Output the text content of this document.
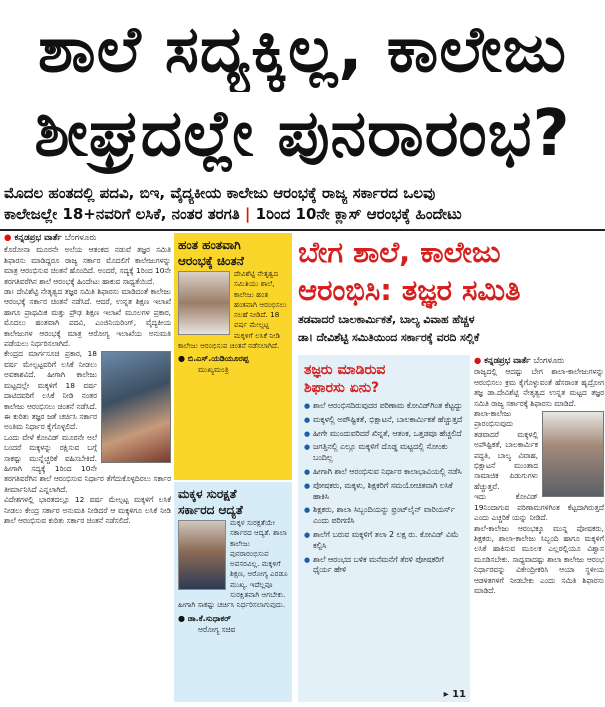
ಶಾಲೆ ಸದ್ಯಕ್ಕಿಲ್ಲ, ಕಾಲೇಜು
ಶೀಘ್ರದಲ್ಲೇ ಪುನರಾರಂಭ?
ಮೊದಲ ಹಂತದಲ್ಲಿ ಪದವಿ, ಬಿಇ, ವೈದ್ಯಕೀಯ ಕಾಲೇಜು ಆರಂಭಕ್ಕೆ ರಾಜ್ಯ ಸರ್ಕಾರದ ಒಲವು
ಕಾಲೇಜಲ್ಲೇ 18+ನವರಿಗೆ ಲಸಿಕೆ, ನಂತರ ತರಗತಿ | 1ರಿಂದ 10ನೇ ಕ್ಲಾಸ್ ಆರಂಭಕ್ಕೆ ಹಿಂದೇಟು
● ಕನ್ನಡಪ್ರಭ ವಾರ್ತೆ ಬೆಂಗಳೂರು

ಕೊರೋನಾ ಮೂರನೇ ಅಲೆಯ ಆತಂಕದ ನಡುವೆ ತಜ್ಞರ ಸಮಿತಿ ಶಿಫಾರಸು ಮಾಡಿದ್ದರೂ ರಾಜ್ಯ ಸರ್ಕಾರ ಮೊದಲಿಗೆ ಕಾಲೇಜುಗಳನ್ನು ಮಾತ್ರ ಆರಂಭಿಸುವ ಚಿಂತನೆ ಹೊಂದಿದೆ. ಅಂದರೆ, ಸದ್ಯಕ್ಕೆ 1ರಿಂದ 10ನೇ ತರಗತಿವರೆಗಿನ ಶಾಲೆ ಆರಂಭಕ್ಕೆ ಹಿಂದೇಟು ಹಾಕುವ ಸಾಧ್ಯತೆಯಿದೆ.

ಡಾ। ದೇವಿಶೆಟ್ಟಿ ನೇತೃತ್ವದ ತಜ್ಞರ ಸಮಿತಿ ಶಿಫಾರಸು ಮಾಡಿದಂತೆ ಕಾಲೇಜು ಆರಂಭಕ್ಕೆ ಸರ್ಕಾರ ಚಿಂತನೆ ನಡೆಸಿದೆ. ಆದರೆ, ಉನ್ನತ ಶಿಕ್ಷಣ ಇಲಾಖೆ ಹಾಗೂ ಪ್ರಾಥಮಿಕ ಮತ್ತು ಪ್ರೌಢ ಶಿಕ್ಷಣ ಇಲಾಖೆ ಮೂಲಗಳ ಪ್ರಕಾರ, ಮೊದಲು ಹಂತವಾಗಿ ಪದವಿ, ಎಂಜಿನಿಯರಿಂಗ್, ವೈದ್ಯಕೀಯ ಕಾಲೇಜುಗಳ ಆರಂಭಕ್ಕೆ ಮಾತ್ರ ಆರೋಗ್ಯ ಇಲಾಖೆಯ ಅನುಮತಿ ಪಡೆಯಲು ನಿರ್ಧರಿಸಲಾಗಿದೆ.

ಕೇಂದ್ರದ ಮಾರ್ಗಸೂಚಿ ಪ್ರಕಾರ, 18 ವರ್ಷ ಮೇಲ್ಪಟ್ಟವರಿಗೆ ಲಸಿಕೆ ನೀಡಲು ಅವಕಾಶವಿದೆ. ಹೀಗಾಗಿ ಕಾಲೇಜು ಮಟ್ಟದಲ್ಲೇ ಮಕ್ಕಳಿಗೆ 18 ವರ್ಷ ದಾಟಿದವರಿಗೆ ಲಸಿಕೆ ನೀಡಿ ನಂತರ ಕಾಲೇಜು ಆರಂಭಿಸಲು ಚಿಂತನೆ ನಡೆಸಿದೆ. ಈ ಕುರಿತು ತಜ್ಞರ ಜತೆ ಚರ್ಚಿಸಿ ಸರ್ಕಾರ ಅಂತಿಮ ನಿರ್ಧಾರ ಕೈಗೊಳ್ಳಲಿದೆ.

ಒಂದು ವೇಳೆ ಕೋವಿಡ್ ಮೂರನೇ ಅಲೆ ಬಂದರೆ ಮಕ್ಕಳನ್ನು ರಕ್ಷಿಸುವ ಬಗ್ಗೆ ಸಾಕಷ್ಟು ಮುನ್ನೆಚ್ಚರಿಕೆ ವಹಿಸಬೇಕಿದೆ. ಹೀಗಾಗಿ ಸದ್ಯಕ್ಕೆ 1ರಿಂದ 10ನೇ ತರಗತಿವರೆಗಿನ ಶಾಲೆ ಆರಂಭಿಸುವ ನಿರ್ಧಾರ ತೆಗೆದುಕೊಳ್ಳದಿರಲು ಸರ್ಕಾರ ತೀರ್ಮಾನಿಸಿದೆ ಎನ್ನಲಾಗಿದೆ.

ವಿದೇಶಗಳಲ್ಲಿ ಭಾರತದಲ್ಲೂ 12 ವರ್ಷ ಮೇಲ್ಪಟ್ಟ ಮಕ್ಕಳಿಗೆ ಲಸಿಕೆ ನೀಡಲು ಕೇಂದ್ರ ಸರ್ಕಾರ ಅನುಮತಿ ನೀಡಿದರೆ ಆ ಮಕ್ಕಳಿಗೂ ಲಸಿಕೆ ನೀಡಿ ಶಾಲೆ ಆರಂಭಿಸುವ ಕುರಿತು ಸರ್ಕಾರ ಚಿಂತನೆ ನಡೆಸಲಿದೆ.

ಹಂತ ಹಂತವಾಗಿ
ಆರಂಭಕ್ಕೆ ಚಿಂತನೆ
ದೇವಿಶೆಟ್ಟಿ ನೇತೃತ್ವದ ಸಮಿತಿಯು ಶಾಲೆ, ಕಾಲೇಜು ಹಂತ ಹಂತವಾಗಿ ಆರಂಭಿಸಲು ಸಲಹೆ ನೀಡಿದೆ. 18 ವರ್ಷ ಮೇಲ್ಪಟ್ಟ ಮಕ್ಕಳಿಗೆ ಲಸಿಕೆ ನೀಡಿ ಕಾಲೇಜು ಆರಂಭಿಸುವ ಚಿಂತನೆ ನಡೆಸಲಾಗಿದೆ.
● ಬಿ.ಎಸ್.ಯಡಿಯೂರಪ್ಪ
ಮುಖ್ಯಮಂತ್ರಿ
ಮಕ್ಕಳ ಸುರಕ್ಷತೆ
ಸರ್ಕಾರದ ಆದ್ಯತೆ
ಮಕ್ಕಳ ಸುರಕ್ಷತೆಯೇ ಸರ್ಕಾರದ ಆದ್ಯತೆ. ಶಾಲಾ ಕಾಲೇಜು ಪುನರಾರಂಭಿಸುವ ಅವಸರವಿಲ್ಲ. ಮಕ್ಕಳಿಗೆ ಶಿಕ್ಷಣ, ಆರೋಗ್ಯ ಎರಡೂ ಮುಖ್ಯ. ಇದೆಲ್ಲವೂ ಸುರಕ್ಷಿತವಾಗಿ ಆಗಬೇಕು. ಹೀಗಾಗಿ ಸಾಕಷ್ಟು ಚರ್ಚಿಸಿ ನಿರ್ಧರಿಸಲಾಗುವುದು.
● ಡಾ.ಕೆ.ಸುಧಾಕರ್
ಆರೋಗ್ಯ ಸಚಿವ
ಬೇಗ ಶಾಲೆ, ಕಾಲೇಜು
ಆರಂಭಿಸಿ: ತಜ್ಞರ ಸಮಿತಿ
ತಡವಾದರೆ ಬಾಲಕಾರ್ಮಿಕತೆ, ಬಾಲ್ಯ ವಿವಾಹ ಹೆಚ್ಚಳ
ಡಾ। ದೇವಿಶೆಟ್ಟಿ ಸಮಿತಿಯಿಂದ ಸರ್ಕಾರಕ್ಕೆ ವರದಿ ಸಲ್ಲಿಕೆ
ತಜ್ಞರು ಮಾಡಿರುವ
ಶಿಫಾರಸು ಏನು?
● ಶಾಲೆ ಆರಂಭಿಸದಿರುವುದರ ಪರಿಣಾಮ ಕೋವಿಡ್‌ಗಿಂತ ಕೆಟ್ಟದ್ದು
● ಮಕ್ಕಳಲ್ಲಿ ಅಪೌಷ್ಟಿಕತೆ, ಭಿಕ್ಷಾಟನೆ, ಬಾಲಕಾರ್ಮಿಕತೆ ಹೆಚ್ಚುತ್ತದೆ
● ಹೀಗೇ ಮುಂದುವರಿದರೆ ಖಿನ್ನತೆ, ಆತಂಕ, ಒತ್ತಡವೂ ಹೆಚ್ಚಲಿದೆ
● ಜಗತ್ತಿನಲ್ಲಿ ಎಲ್ಲೂ ಮಕ್ಕಳಿಗೆ ದೊಡ್ಡ ಮಟ್ಟದಲ್ಲಿ ಸೋಂಕು ಬಂದಿಲ್ಲ
● ಹೀಗಾಗಿ ಶಾಲೆ ಆರಂಭಿಸುವ ನಿರ್ಧಾರ ಕಾಲಾಭಾವಿಯಲ್ಲಿ ನಡೆಸಿ
● ಪೋಷಕರು, ಮಕ್ಕಳು, ಶಿಕ್ಷಕರಿಗೆ ಸಮಯೋಚಿತವಾಗಿ ಲಸಿಕೆ ಹಾಕಿಸಿ
● ಶಿಕ್ಷಕರು, ಶಾಲಾ ಸಿಬ್ಬಂದಿಯನ್ನು ಫ್ರಂಟ್‌ಲೈನ್ ವಾರಿಯರ್ಸ್ ಎಂದು ಪರಿಗಣಿಸಿ
● ಶಾಲೆಗೆ ಬರುವ ಮಕ್ಕಳಿಗೆ ತಲಾ 2 ಲಕ್ಷ ರು. ಕೋವಿಡ್ ವಿಮೆ ಕಲ್ಪಿಸಿ
● ಶಾಲೆ ಆರಂಭದ ಬಳಿಕ ಮನೆಮನೆಗೆ ತೆರಳಿ ಪೋಷಕರಿಗೆ ಧೈರ್ಯ ಹೇಳಿ
▸ 11
● ಕನ್ನಡಪ್ರಭ ವಾರ್ತೆ ಬೆಂಗಳೂರು

ರಾಜ್ಯದಲ್ಲಿ ಆದಷ್ಟು ಬೇಗ ಶಾಲಾ-ಕಾಲೇಜುಗಳನ್ನು ಆರಂಭಿಸಲು ಕ್ರಮ ಕೈಗೊಳ್ಳುವಂತೆ ಹೆಸರಾಂತ ಹೃದ್ರೋಗ ತಜ್ಞ ಡಾ.ದೇವಿಶೆಟ್ಟಿ ನೇತೃತ್ವದ ಉನ್ನತ ಮಟ್ಟದ ತಜ್ಞರ ಸಮಿತಿ ರಾಜ್ಯ ಸರ್ಕಾರಕ್ಕೆ ಶಿಫಾರಸು ಮಾಡಿದೆ.

ಶಾಲಾ-ಕಾಲೇಜು ಪ್ರಾರಂಭಿಸುವುದು ತಡವಾದರೆ ಮಕ್ಕಳಲ್ಲಿ ಅಪೌಷ್ಟಿಕತೆ, ಬಾಲಕಾರ್ಮಿಕ ಪದ್ಧತಿ, ಬಾಲ್ಯ ವಿವಾಹ, ಭಿಕ್ಷಾಟನೆ ಮುಂತಾದ ಸಾಮಾಜಿಕ ಪಿಡುಗುಗಳು ಹೆಚ್ಚುತ್ತವೆ.

ಇದು ಕೋವಿಡ್ 19ನಿಂದಾಗುವ ಪರಿಣಾಮಗಳಿಗಿಂತ ಕೆಟ್ಟದಾಗಿರುತ್ತದೆ ಎಂದು ಎಚ್ಚರಿಕೆ ಯನ್ನು ನೀಡಿದೆ.

ಶಾಲೆ-ಕಾಲೇಜು ಆರಂಭಕ್ಕೂ ಮುನ್ನ ಪೋಷಕರು, ಶಿಕ್ಷಕರು, ಶಾಲಾ-ಕಾಲೇಜು ಸಿಬ್ಬಂದಿ ಹಾಗೂ ಮಕ್ಕಳಿಗೆ ಲಸಿಕೆ ಹಾಕಿಸುವ ಮೂಲಕ ಎಲ್ಲರಲ್ಲಿಯೂ ವಿಶ್ವಾಸ ಮೂಡಿಸಬೇಕು. ಸಾಧ್ಯವಾದಷ್ಟು ಶಾಲಾ ಕಾಲೇಜು ಆರಂಭ ನಿರ್ಧಾರವನ್ನು ವಿಕೇಂದ್ರೀಕರಿಸಿ ಆಯಾ ಸ್ಥಳೀಯ ಆಡಳಿತಗಳಿಗೆ ನೀಡಬೇಕು ಎಂದು ಸಮಿತಿ ಶಿಫಾರಸು ಮಾಡಿದೆ.
